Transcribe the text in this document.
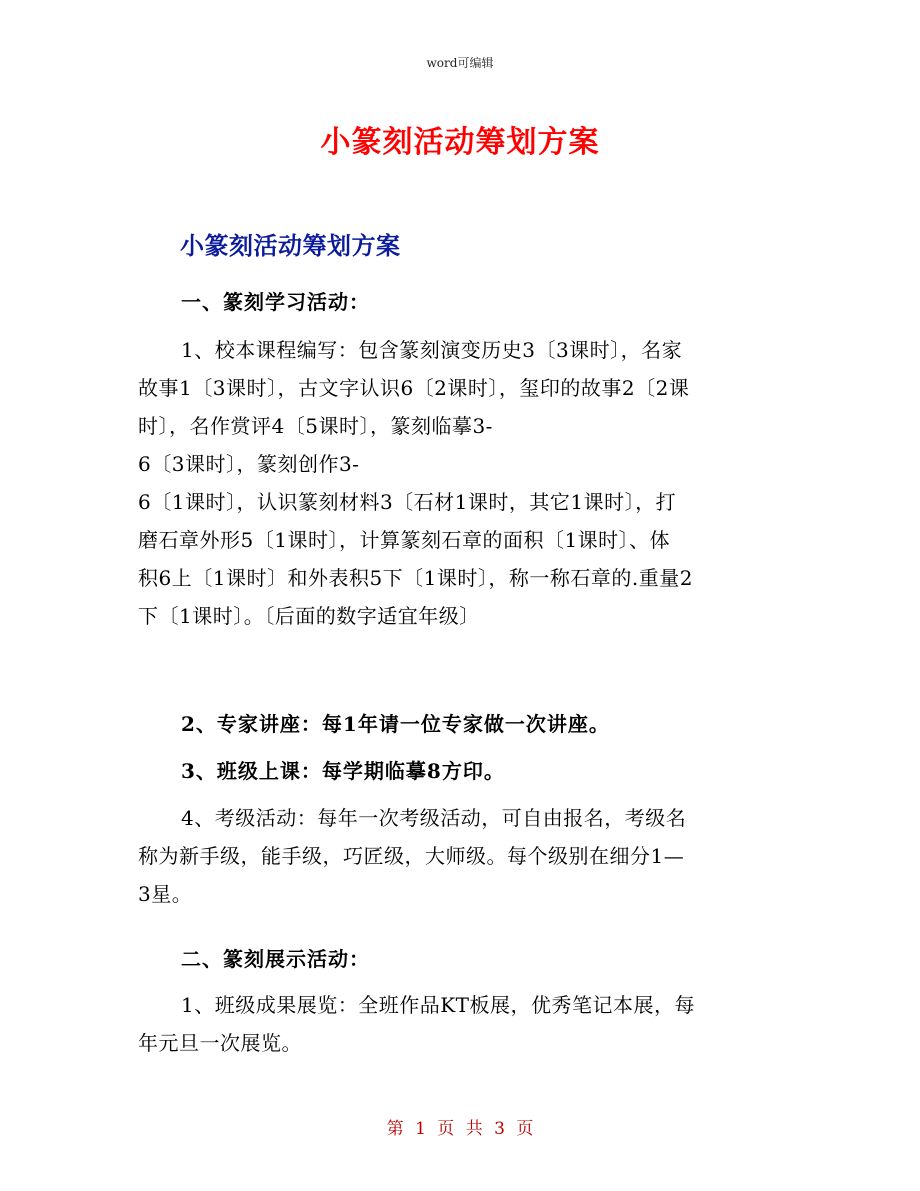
word可编辑
小篆刻活动筹划方案
小篆刻活动筹划方案
一、篆刻学习活动：
1、校本课程编写：包含篆刻演变历史3〔3课时〕，名家
故事1〔3课时〕，古文字认识6〔2课时〕，玺印的故事2〔2课
时〕，名作赏评4〔5课时〕，篆刻临摹3-
6〔3课时〕，篆刻创作3-
6〔1课时〕，认识篆刻材料3〔石材1课时，其它1课时〕，打
磨石章外形5〔1课时〕，计算篆刻石章的面积〔1课时〕、体
积6上〔1课时〕和外表积5下〔1课时〕，称一称石章的.重量2
下〔1课时〕。〔后面的数字适宜年级〕
2、专家讲座：每1年请一位专家做一次讲座。
3、班级上课：每学期临摹8方印。
4、考级活动：每年一次考级活动，可自由报名，考级名
称为新手级，能手级，巧匠级，大师级。每个级别在细分1—
3星。
二、篆刻展示活动：
1、班级成果展览：全班作品KT板展，优秀笔记本展，每
年元旦一次展览。
第 1 页 共 3 页
